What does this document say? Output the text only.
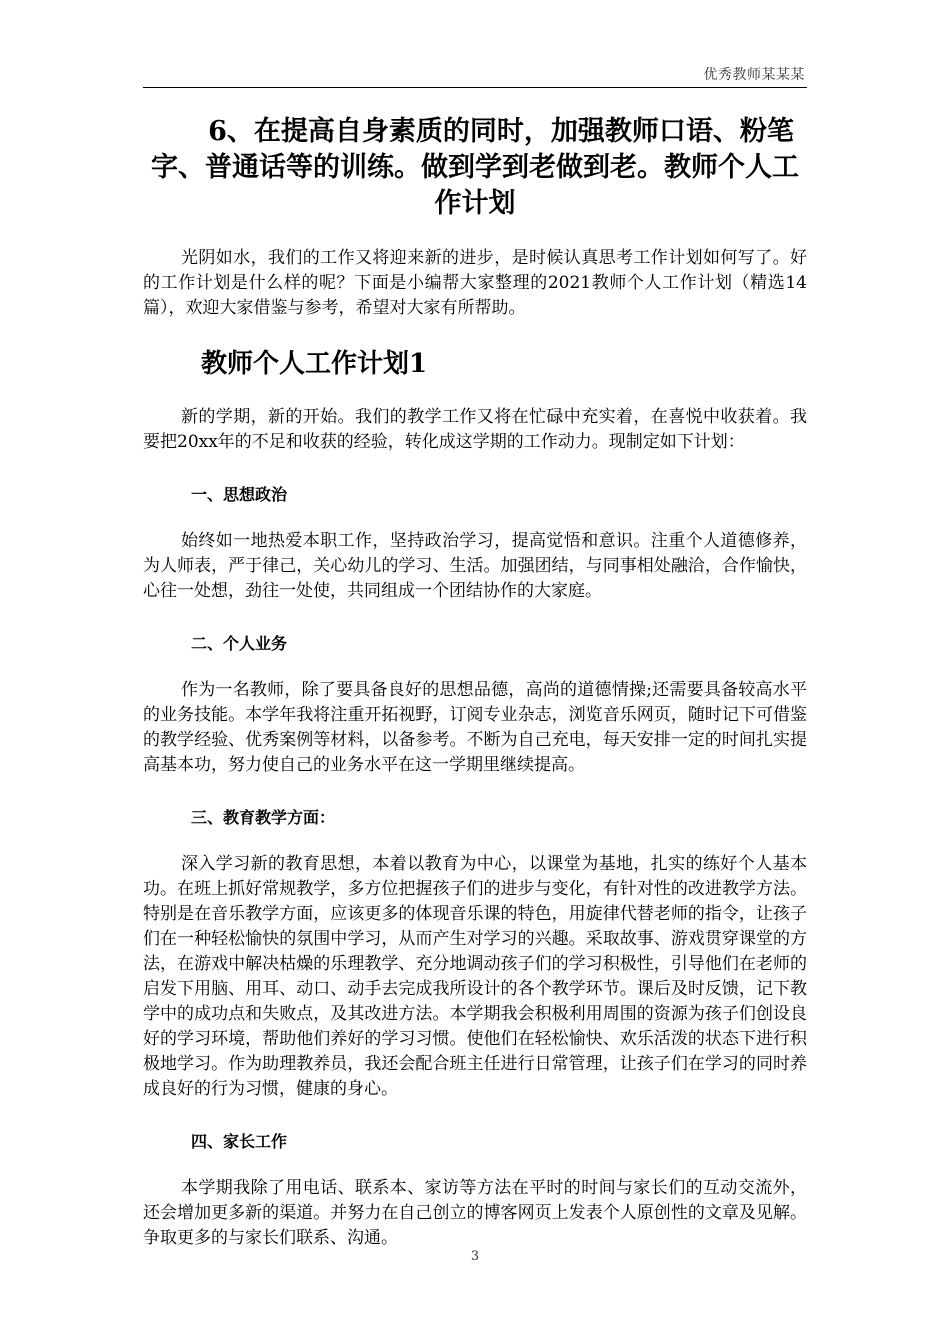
优秀教师某某某
6、在提高自身素质的同时，加强教师口语、粉笔字、普通话等的训练。做到学到老做到老。教师个人工作计划

光阴如水，我们的工作又将迎来新的进步，是时候认真思考工作计划如何写了。好的工作计划是什么样的呢？下面是小编帮大家整理的2021教师个人工作计划（精选14篇），欢迎大家借鉴与参考，希望对大家有所帮助。

教师个人工作计划1

新的学期，新的开始。我们的教学工作又将在忙碌中充实着，在喜悦中收获着。我要把20xx年的不足和收获的经验，转化成这学期的工作动力。现制定如下计划：

一、思想政治

始终如一地热爱本职工作，坚持政治学习，提高觉悟和意识。注重个人道德修养，为人师表，严于律己，关心幼儿的学习、生活。加强团结，与同事相处融洽，合作愉快，心往一处想，劲往一处使，共同组成一个团结协作的大家庭。

二、个人业务

作为一名教师，除了要具备良好的思想品德，高尚的道德情操;还需要具备较高水平的业务技能。本学年我将注重开拓视野，订阅专业杂志，浏览音乐网页，随时记下可借鉴的教学经验、优秀案例等材料，以备参考。不断为自己充电，每天安排一定的时间扎实提高基本功，努力使自己的业务水平在这一学期里继续提高。

三、教育教学方面：

深入学习新的教育思想，本着以教育为中心，以课堂为基地，扎实的练好个人基本功。在班上抓好常规教学，多方位把握孩子们的进步与变化，有针对性的改进教学方法。特别是在音乐教学方面，应该更多的体现音乐课的特色，用旋律代替老师的指令，让孩子们在一种轻松愉快的氛围中学习，从而产生对学习的兴趣。采取故事、游戏贯穿课堂的方法，在游戏中解决枯燥的乐理教学、充分地调动孩子们的学习积极性，引导他们在老师的启发下用脑、用耳、动口、动手去完成我所设计的各个教学环节。课后及时反馈，记下教学中的成功点和失败点，及其改进方法。本学期我会积极利用周围的资源为孩子们创设良好的学习环境，帮助他们养好的学习习惯。使他们在轻松愉快、欢乐活泼的状态下进行积极地学习。作为助理教养员，我还会配合班主任进行日常管理，让孩子们在学习的同时养成良好的行为习惯，健康的身心。

四、家长工作

本学期我除了用电话、联系本、家访等方法在平时的时间与家长们的互动交流外，还会增加更多新的渠道。并努力在自己创立的博客网页上发表个人原创性的文章及见解。争取更多的与家长们联系、沟通。

3
